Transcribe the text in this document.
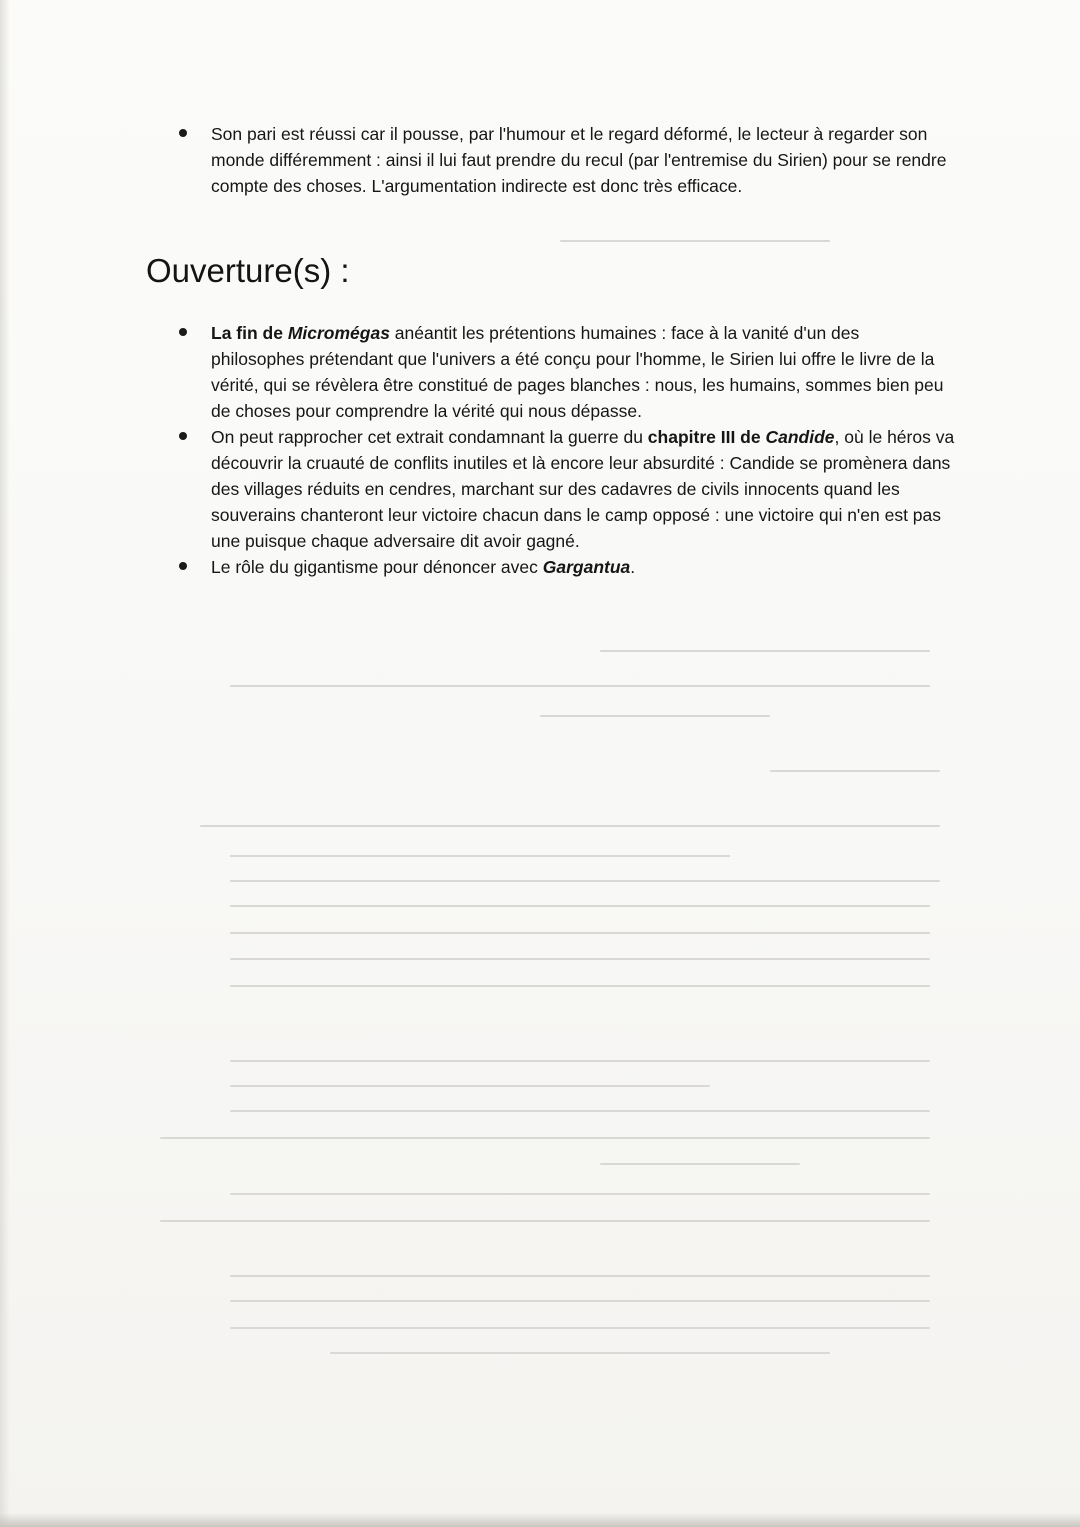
Son pari est réussi car il pousse, par l'humour et le regard déformé, le lecteur à regarder son monde différemment : ainsi il lui faut prendre du recul (par l'entremise du Sirien) pour se rendre compte des choses. L'argumentation indirecte est donc très efficace.
Ouverture(s) :
La fin de Micromégas anéantit les prétentions humaines : face à la vanité d'un des philosophes prétendant que l'univers a été conçu pour l'homme, le Sirien lui offre le livre de la vérité, qui se révèlera être constitué de pages blanches : nous, les humains, sommes bien peu de choses pour comprendre la vérité qui nous dépasse.
On peut rapprocher cet extrait condamnant la guerre du chapitre III de Candide, où le héros va découvrir la cruauté de conflits inutiles et là encore leur absurdité : Candide se promènera dans des villages réduits en cendres, marchant sur des cadavres de civils innocents quand les souverains chanteront leur victoire chacun dans le camp opposé : une victoire qui n'en est pas une puisque chaque adversaire dit avoir gagné.
Le rôle du gigantisme pour dénoncer avec Gargantua.
